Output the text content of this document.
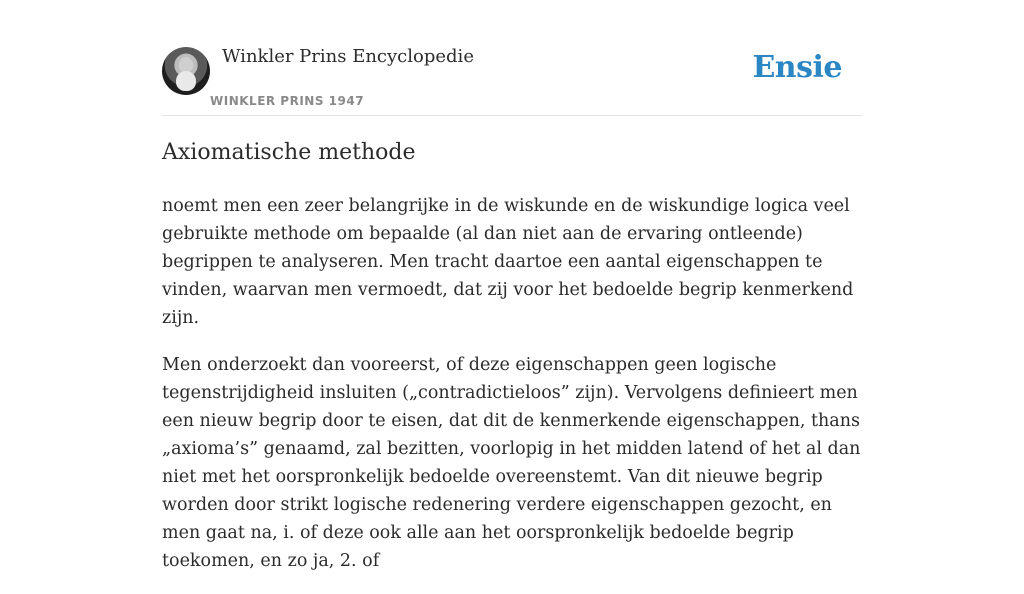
Winkler Prins Encyclopedie
WINKLER PRINS 1947
Ensie
Axiomatische methode

noemt men een zeer belangrijke in de wiskunde en de wiskundige logica veel gebruikte methode om bepaalde (al dan niet aan de ervaring ontleende) begrippen te analyseren. Men tracht daartoe een aantal eigenschappen te vinden, waarvan men vermoedt, dat zij voor het bedoelde begrip kenmerkend zijn.

Men onderzoekt dan vooreerst, of deze eigenschappen geen logische tegenstrijdigheid insluiten („contradictieloos” zijn). Vervolgens definieert men een nieuw begrip door te eisen, dat dit de kenmerkende eigenschappen, thans „axioma’s” genaamd, zal bezitten, voorlopig in het midden latend of het al dan niet met het oorspronkelijk bedoelde overeenstemt. Van dit nieuwe begrip worden door strikt logische redenering verdere eigenschappen gezocht, en men gaat na, i. of deze ook alle aan het oorspronkelijk bedoelde begrip toekomen, en zo ja, 2. of
